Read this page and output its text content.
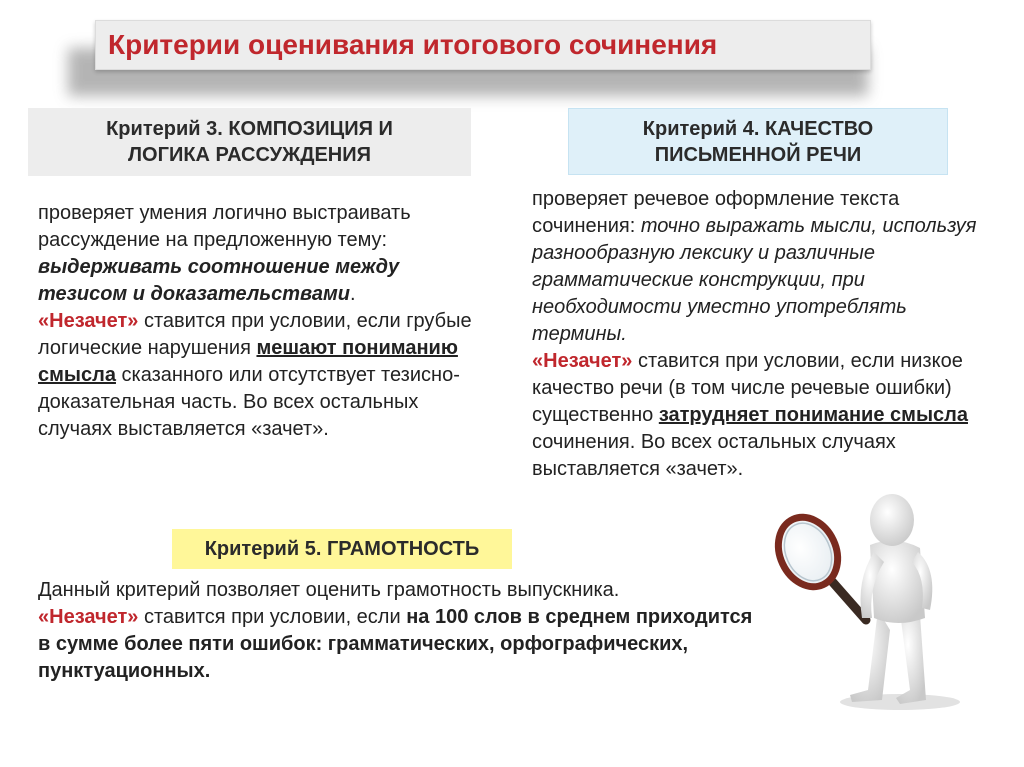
Критерии оценивания итогового сочинения
Критерий 3. КОМПОЗИЦИЯ И ЛОГИКА РАССУЖДЕНИЯ
Критерий 4. КАЧЕСТВО ПИСЬМЕННОЙ РЕЧИ
проверяет умения логично выстраивать рассуждение на предложенную тему: выдерживать соотношение между тезисом и доказательствами.
«Незачет» ставится при условии, если грубые логические нарушения мешают пониманию смысла сказанного или отсутствует тезисно-доказательная часть. Во всех остальных случаях выставляется «зачет».
проверяет речевое оформление текста сочинения: точно выражать мысли, используя разнообразную лексику и различные грамматические конструкции, при необходимости уместно употреблять термины.
«Незачет» ставится при условии, если низкое качество речи (в том числе речевые ошибки) существенно затрудняет понимание смысла сочинения. Во всех остальных случаях выставляется «зачет».
Критерий 5. ГРАМОТНОСТЬ
Данный критерий позволяет оценить грамотность выпускника.
«Незачет» ставится при условии, если на 100 слов в среднем приходится в сумме более пяти ошибок: грамматических, орфографических, пунктуационных.
